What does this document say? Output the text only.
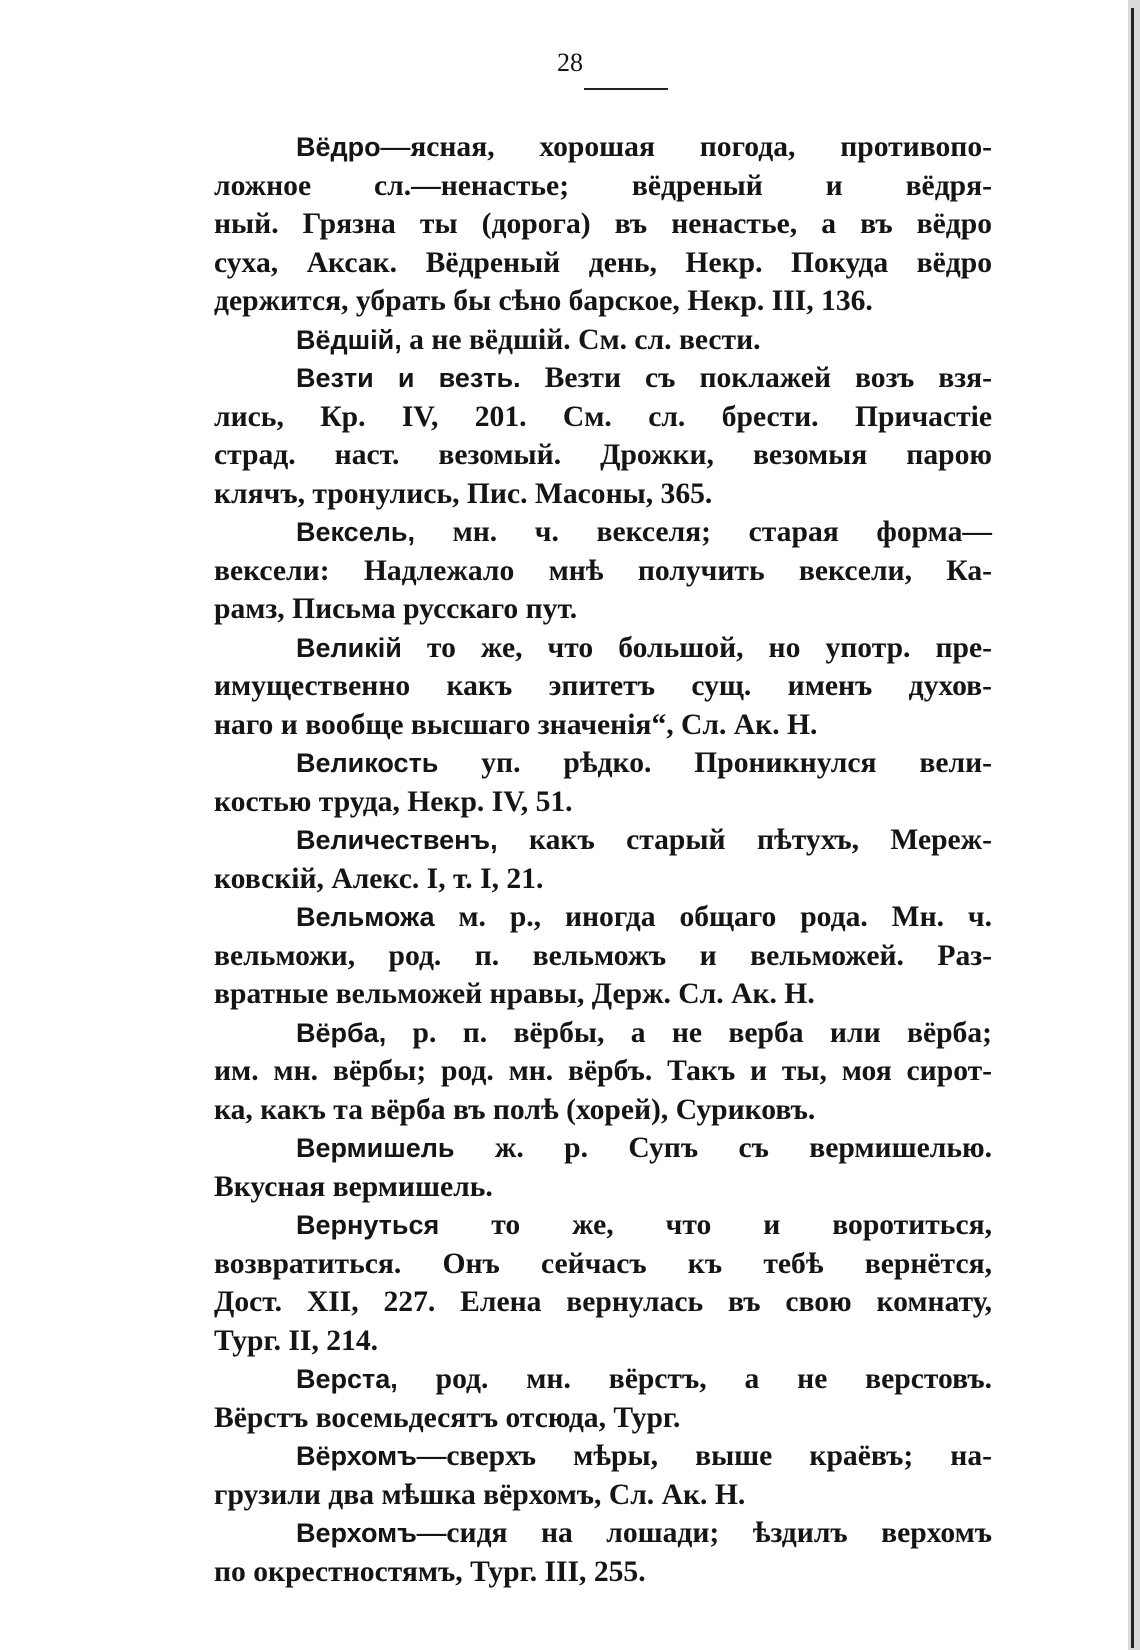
28

Вёдро—ясная, хорошая погода, противопо-
ложное сл.—ненастье; вёдреный и вёдря-
ный. Грязна ты (дорога) въ ненастье, а въ вёдро
суха, Аксак. Вёдреный день, Некр. Покуда вёдро
держится, убрать бы сѣно барское, Некр. III, 136.

Вёдшій, а не вёдшій. См. сл. вести.

Везти и везть. Везти съ поклажей возъ взя-
лись, Кр. IV, 201. См. сл. брести. Причастіе
страд. наст. везомый. Дрожки, везомыя парою
клячъ, тронулись, Пис. Масоны, 365.

Вексель, мн. ч. векселя; старая форма—
вексели: Надлежало мнѣ получить вексели, Ка-
рамз, Письма русскаго пут.

Великій то же, что большой, но употр. пре-
имущественно какъ эпитетъ сущ. именъ духов-
наго и вообще высшаго значенія“, Сл. Ак. Н.

Великость уп. рѣдко. Проникнулся вели-
костью труда, Некр. IV, 51.

Величественъ, какъ старый пѣтухъ, Мереж-
ковскій, Алекс. I, т. I, 21.

Вельможа м. р., иногда общаго рода. Мн. ч.
вельможи, род. п. вельможъ и вельможей. Раз-
вратные вельможей нравы, Держ. Сл. Ак. Н.

Вёрба, р. п. вёрбы, а не верба или вёрба;
им. мн. вёрбы; род. мн. вёрбъ. Такъ и ты, моя сирот-
ка, какъ та вёрба въ полѣ (хорей), Суриковъ.

Вермишель ж. р. Супъ съ вермишелью.
Вкусная вермишель.

Вернуться то же, что и воротиться,
возвратиться. Онъ сейчасъ къ тебѣ вернётся,
Дост. XII, 227. Елена вернулась въ свою комнату,
Тург. II, 214.

Верста, род. мн. вёрстъ, а не верстовъ.
Вёрстъ восемьдесятъ отсюда, Тург.

Вёрхомъ—сверхъ мѣры, выше краёвъ; на-
грузили два мѣшка вёрхомъ, Сл. Ак. Н.

Верхомъ—сидя на лошади; ѣздилъ верхомъ
по окрестностямъ, Тург. III, 255.
